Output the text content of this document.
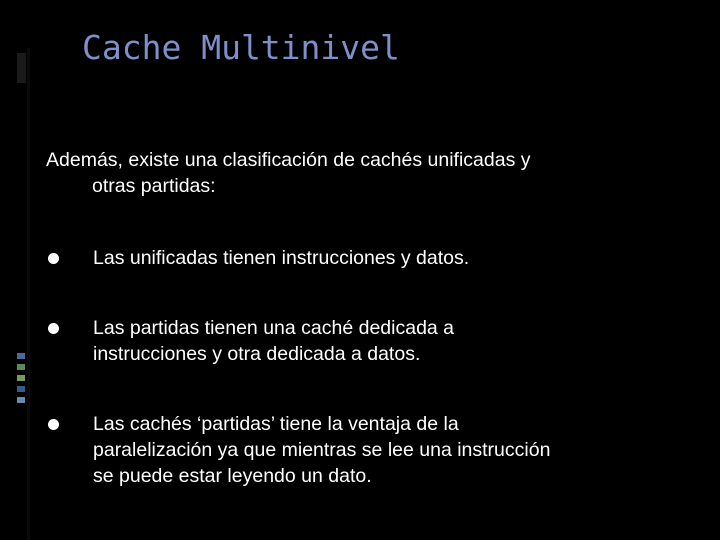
Cache Multinivel
Además, existe una clasificación de cachés unificadas y
otras partidas:
Las unificadas tienen instrucciones y datos.
Las partidas tienen una caché dedicada a
instrucciones y otra dedicada a datos.
Las cachés ‘partidas’ tiene la ventaja de la
paralelización ya que mientras se lee una instrucción
se puede estar leyendo un dato.
